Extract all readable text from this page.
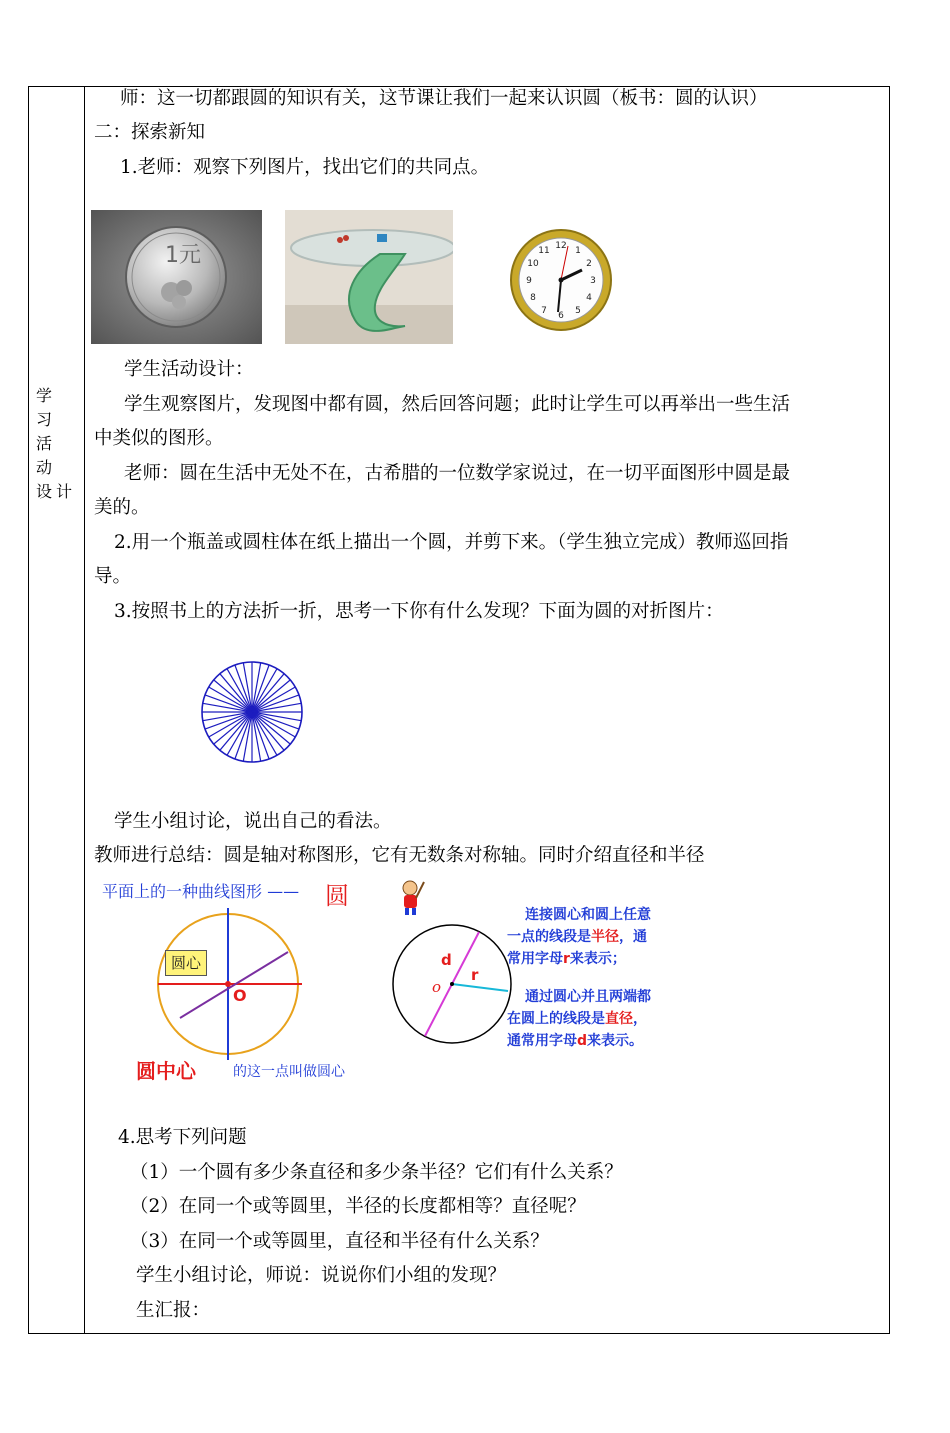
学 习
活 动
设计
师：这一切都跟圆的知识有关，这节课让我们一起来认识圆（板书：圆的认识）
二：探索新知
1.老师：观察下列图片，找出它们的共同点。
1元	12 1
2
3
4
5
6
7
8
9
10
11
学生活动设计：
学生观察图片，发现图中都有圆，然后回答问题；此时让学生可以再举出一些生活
中类似的图形。
老师：圆在生活中无处不在，古希腊的一位数学家说过，在一切平面图形中圆是最
美的。
2.用一个瓶盖或圆柱体在纸上描出一个圆，并剪下来。（学生独立完成）教师巡回指
导。
3.按照书上的方法折一折，思考一下你有什么发现？下面为圆的对折图片：
学生小组讨论，说出自己的看法。
教师进行总结：圆是轴对称图形，它有无数条对称轴。同时介绍直径和半径
平面上的一种曲线图形 —— 圆
圆心
O
圆中心	的这一点叫做圆心
d
r
o
连接圆心和圆上任意
一点的线段是半径，通
常用字母r来表示；
通过圆心并且两端都
在圆上的线段是直径，
通常用字母d来表示。
4.思考下列问题
（1）一个圆有多少条直径和多少条半径？它们有什么关系？
（2）在同一个或等圆里，半径的长度都相等？直径呢？
（3）在同一个或等圆里，直径和半径有什么关系？
学生小组讨论，师说：说说你们小组的发现？
生汇报：
